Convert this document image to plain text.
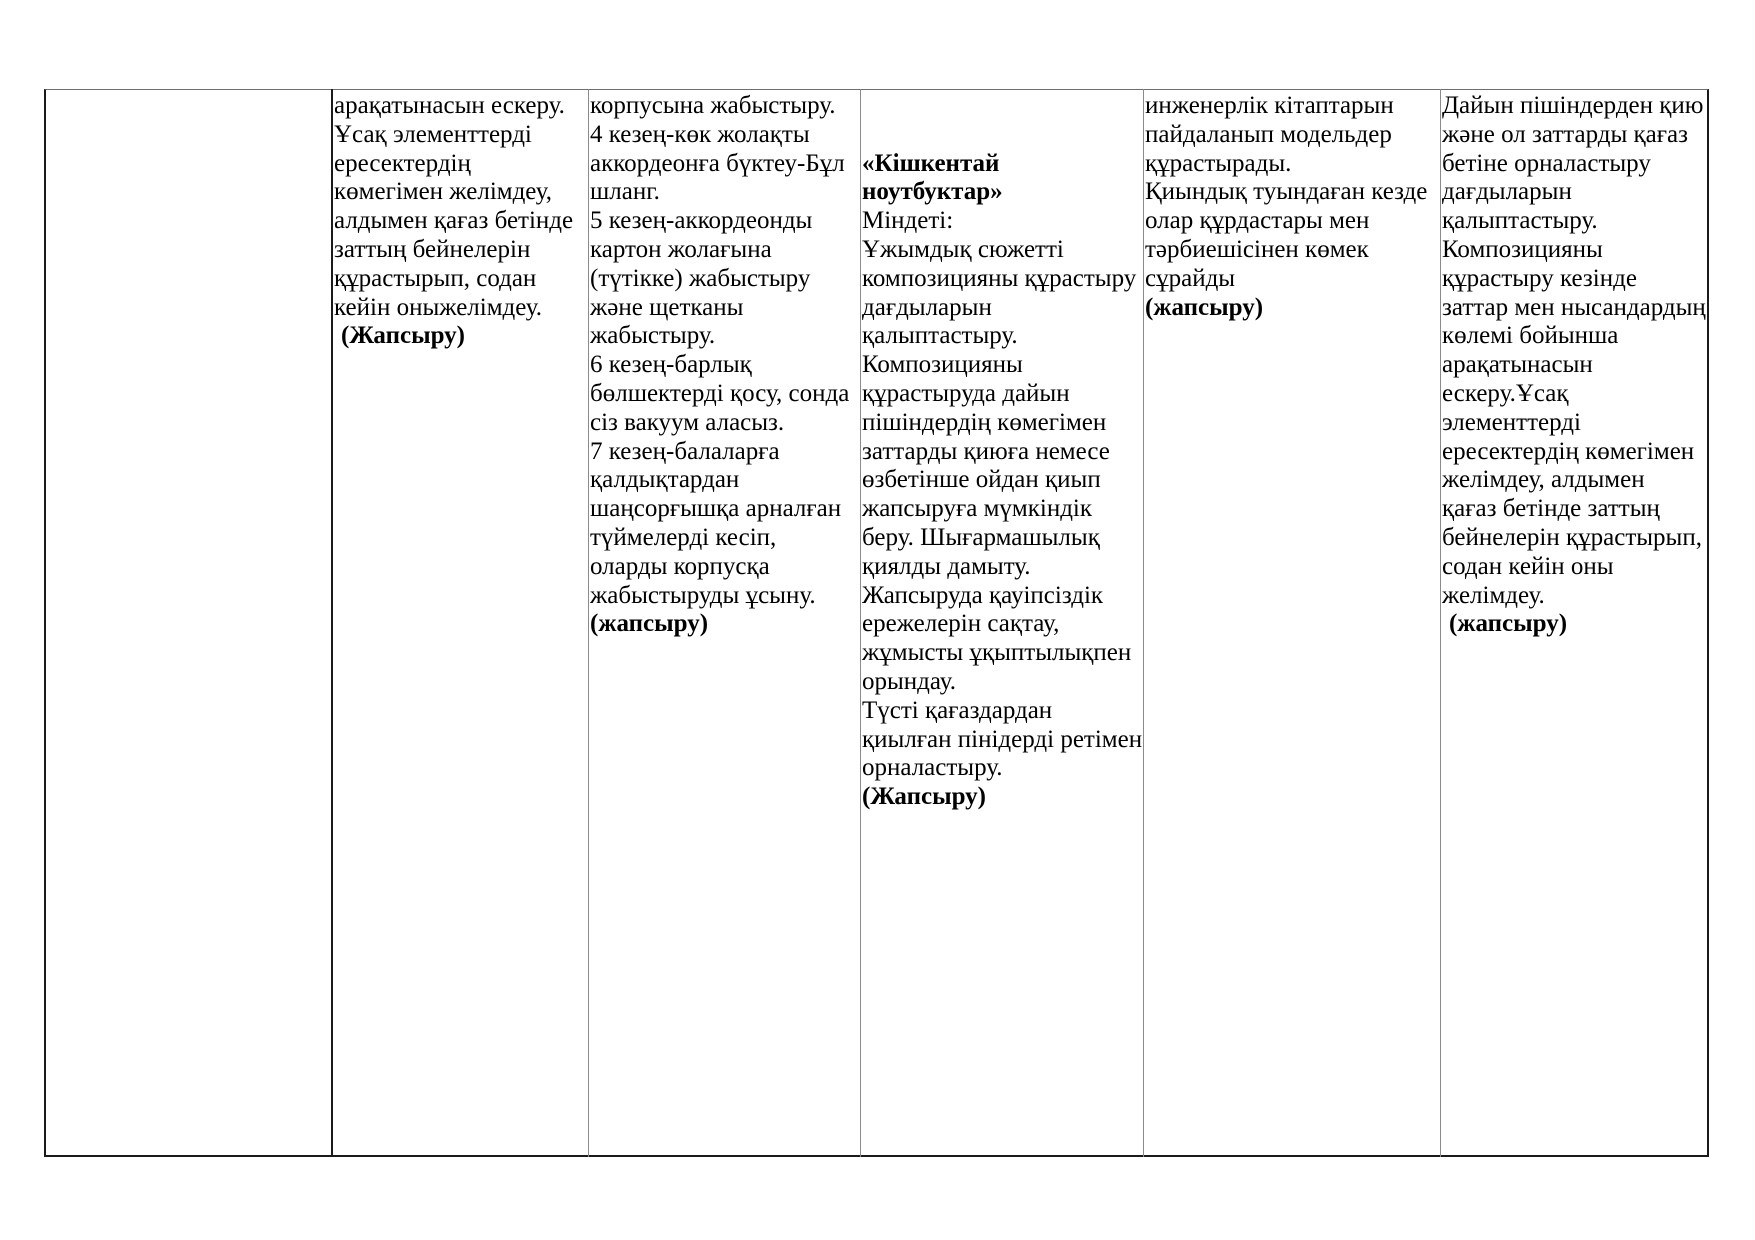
арақатынасын ескеру.
Ұсақ элементтерді
ересектердің
көмегімен желімдеу,
алдымен қағаз бетінде
заттың бейнелерін
құрастырып, содан
кейін оныжелімдеу.
(Жапсыру)
корпусына жабыстыру.
4 кезең-көк жолақты
аккордеонға бүктеу-Бұл
шланг.
5 кезең-аккордеонды
картон жолағына
(түтікке) жабыстыру
және щетканы
жабыстыру.
6 кезең-барлық
бөлшектерді қосу, сонда
сіз вакуум аласыз.
7 кезең-балаларға
қалдықтардан
шаңсорғышқа арналған
түймелерді кесіп,
оларды корпусқа
жабыстыруды ұсыну.
(жапсыру)
«Кішкентай
ноутбуктар»
Міндеті:
Ұжымдық сюжетті
композицияны құрастыру
дағдыларын
қалыптастыру.
Композицияны
құрастыруда дайын
пішіндердің көмегімен
заттарды қиюға немесе
өзбетінше ойдан қиып
жапсыруға мүмкіндік
беру. Шығармашылық
қиялды дамыту.
Жапсыруда қауіпсіздік
ережелерін сақтау,
жұмысты ұқыптылықпен
орындау.
Түсті қағаздардан
қиылған пінідерді ретімен
орналастыру.
(Жапсыру)
инженерлік кітаптарын
пайдаланып модельдер
құрастырады.
Қиындық туындаған кезде
олар құрдастары мен
тәрбиешісінен көмек
сұрайды
(жапсыру)
Дайын пішіндерден қию
және ол заттарды қағаз
бетіне орналастыру
дағдыларын
қалыптастыру.
Композицияны
құрастыру кезінде
заттар мен нысандардың
көлемі бойынша
арақатынасын
ескеру.Ұсақ
элементтерді
ересектердің көмегімен
желімдеу, алдымен
қағаз бетінде заттың
бейнелерін құрастырып,
содан кейін оны
желімдеу.
(жапсыру)
